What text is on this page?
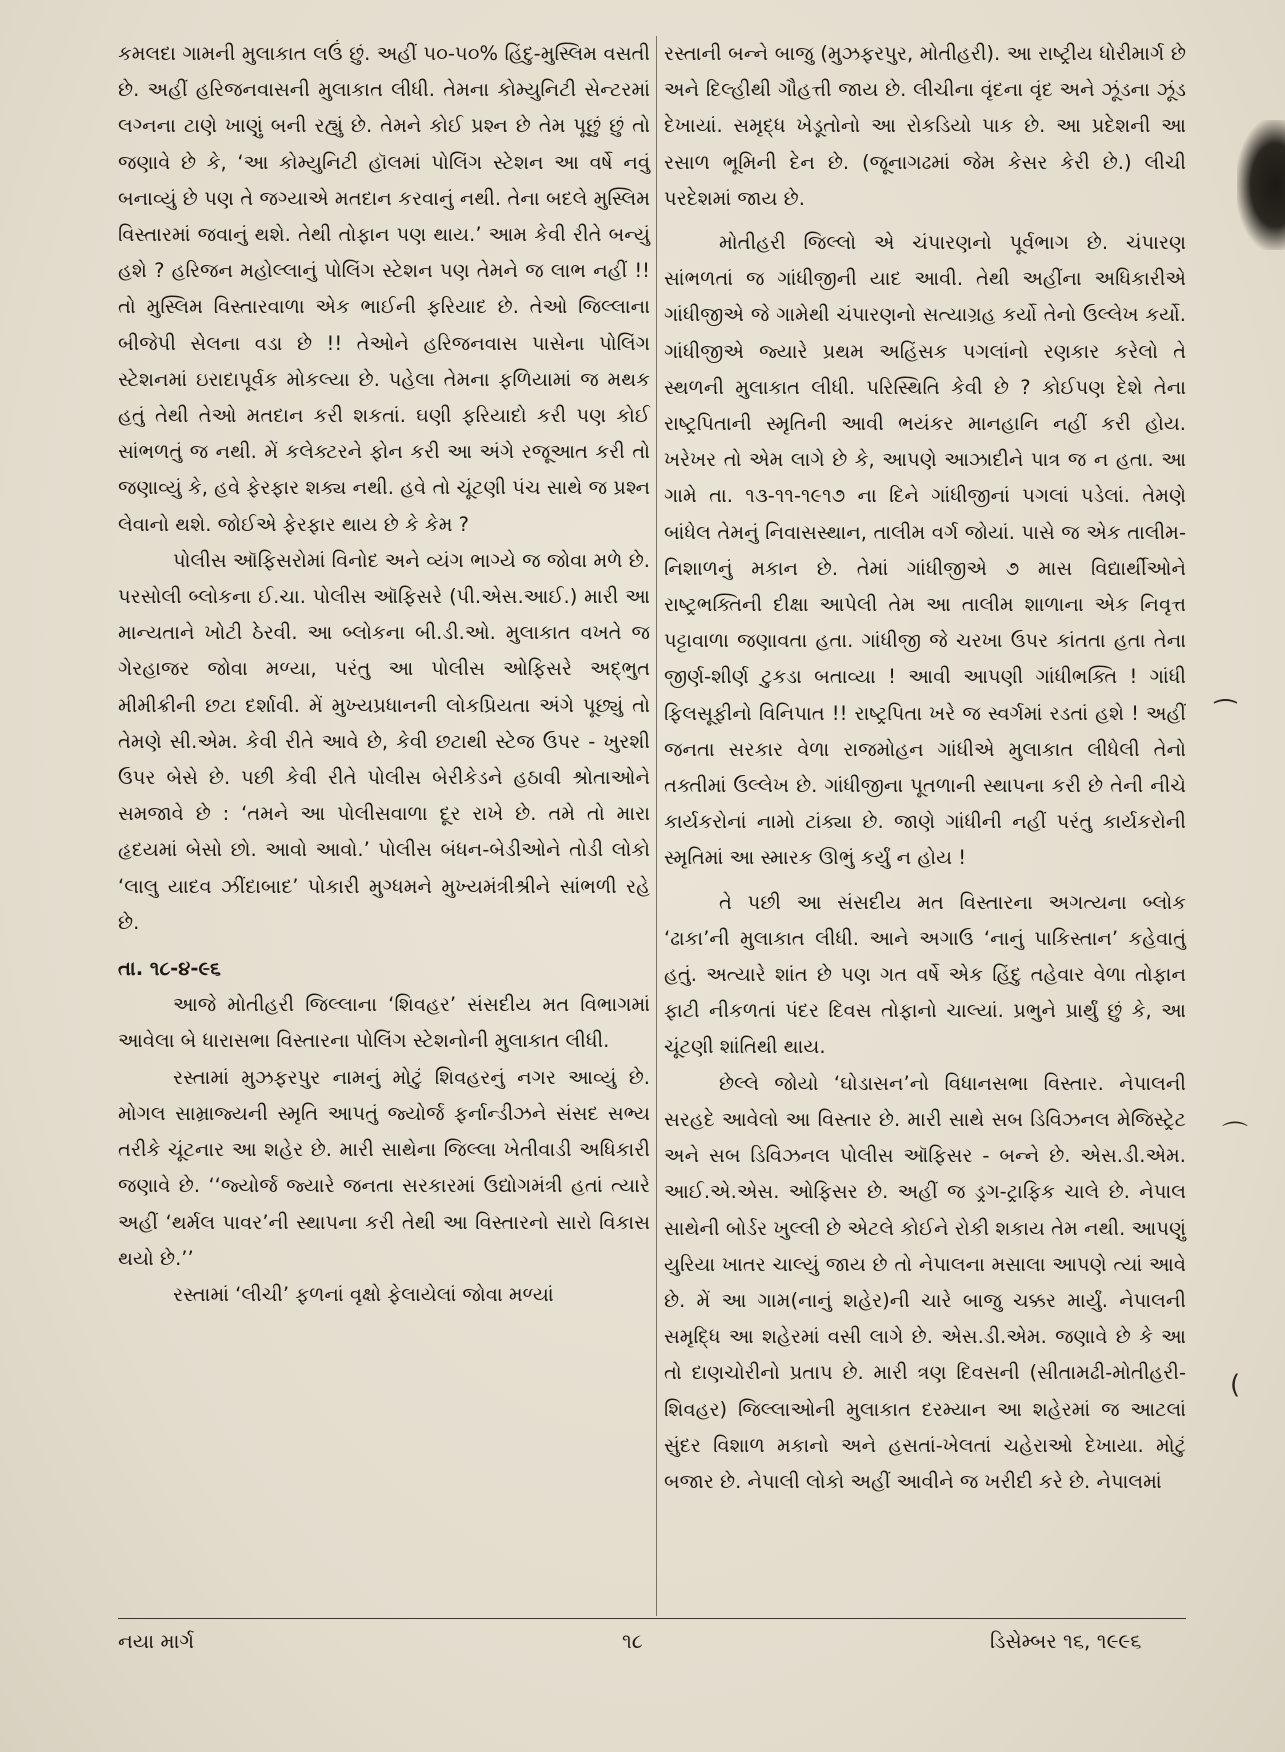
કમલદા ગામની મુલાકાત લઉં છું. અહીં ૫૦-૫૦% હિંદુ-મુસ્લિમ વસતી છે. અહીં હરિજનવાસની મુલાકાત લીધી. તેમના કોમ્યુનિટી સેન્ટરમાં લગ્નના ટાણે ખાણું બની રહ્યું છે. તેમને કોઈ પ્રશ્ન છે તેમ પૂછું છું તો જણાવે છે કે, ‘આ કોમ્યુનિટી હૉલમાં પોલિંગ સ્ટેશન આ વર્ષે નવું બનાવ્યું છે પણ તે જગ્યાએ મતદાન કરવાનું નથી. તેના બદલે મુસ્લિમ વિસ્તારમાં જવાનું થશે. તેથી તોફાન પણ થાય.’ આમ કેવી રીતે બન્યું હશે ? હરિજન મહોલ્લાનું પોલિંગ સ્ટેશન પણ તેમને જ લાભ નહીં !! તો મુસ્લિમ વિસ્તારવાળા એક ભાઈની ફરિયાદ છે. તેઓ જિલ્લાના બીજેપી સેલના વડા છે !! તેઓને હરિજનવાસ પાસેના પોલિંગ સ્ટેશનમાં ઇરાદાપૂર્વક મોકલ્યા છે. પહેલા તેમના ફળિયામાં જ મથક હતું તેથી તેઓ મતદાન કરી શકતાં. ઘણી ફરિયાદો કરી પણ કોઈ સાંભળતું જ નથી. મેં કલેક્ટરને ફોન કરી આ અંગે રજૂઆત કરી તો જણાવ્યું કે, હવે ફેરફાર શક્ય નથી. હવે તો ચૂંટણી પંચ સાથે જ પ્રશ્ન લેવાનો થશે. જોઈએ ફેરફાર થાય છે કે કેમ ?

પોલીસ ઑફિસરોમાં વિનોદ અને વ્યંગ ભાગ્યે જ જોવા મળે છે. પરસોલી બ્લોકના ઈ.ચા. પોલીસ ઑફિસરે (પી.એસ.આઈ.) મારી આ માન્યતાને ખોટી ઠેરવી. આ બ્લોકના બી.ડી.ઓ. મુલાકાત વખતે જ ગેરહાજર જોવા મળ્યા, પરંતુ આ પોલીસ ઓફિસરે અદ્‌ભુત મીમીક્રીની છટા દર્શાવી. મેં મુખ્યપ્રધાનની લોકપ્રિયતા અંગે પૂછ્યું તો તેમણે સી.એમ. કેવી રીતે આવે છે, કેવી છટાથી સ્ટેજ ઉપર - ખુરશી ઉપર બેસે છે. પછી કેવી રીતે પોલીસ બેરીકેડને હઠાવી શ્રોતાઓને સમજાવે છે : ‘તમને આ પોલીસવાળા દૂર રાખે છે. તમે તો મારા હૃદયમાં બેસો છો. આવો આવો.’ પોલીસ બંધન-બેડીઓને તોડી લોકો ‘લાલુ યાદવ ઝીંદાબાદ’ પોકારી મુગ્ધમને મુખ્યમંત્રીશ્રીને સાંભળી રહે છે.

તા. ૧૮-૪-૯૬

આજે મોતીહરી જિલ્લાના ‘શિવહર’ સંસદીય મત વિભાગમાં આવેલા બે ધારાસભા વિસ્તારના પોલિંગ સ્ટેશનોની મુલાકાત લીધી.

રસ્તામાં મુઝફરપુર નામનું મોટું શિવહરનું નગર આવ્યું છે. મોગલ સામ્રાજ્યની સ્મૃતિ આપતું જ્યોર્જ ફર્નાન્ડીઝને સંસદ સભ્ય તરીકે ચૂંટનાર આ શહેર છે. મારી સાથેના જિલ્લા ખેતીવાડી અધિકારી જણાવે છે. ‘‘જ્યોર્જ જ્યારે જનતા સરકારમાં ઉદ્યોગમંત્રી હતાં ત્યારે અહીં ‘થર્મલ પાવર’ની સ્થાપના કરી તેથી આ વિસ્તારનો સારો વિકાસ થયો છે.’’

રસ્તામાં ‘લીચી’ ફળનાં વૃક્ષો ફેલાયેલાં જોવા મળ્યાં

રસ્તાની બન્ને બાજુ (મુઝફરપુર, મોતીહરી). આ રાષ્ટ્રીય ધોરીમાર્ગ છે અને દિલ્હીથી ગૌહત્તી જાય છે. લીચીના વૃંદના વૃંદ અને ઝૂંડના ઝૂંડ દેખાયાં. સમૃદ્ધ ખેડૂતોનો આ રોકડિયો પાક છે. આ પ્રદેશની આ રસાળ ભૂમિની દેન છે. (જૂનાગઢમાં જેમ કેસર કેરી છે.) લીચી પરદેશમાં જાય છે.

મોતીહરી જિલ્લો એ ચંપારણનો પૂર્વભાગ છે. ચંપારણ સાંભળતાં જ ગાંધીજીની યાદ આવી. તેથી અહીંના અધિકારીએ ગાંધીજીએ જે ગામેથી ચંપારણનો સત્યાગ્રહ કર્યો તેનો ઉલ્લેખ કર્યો. ગાંધીજીએ જ્યારે પ્રથમ અહિંસક પગલાંનો રણકાર કરેલો તે સ્થળની મુલાકાત લીધી. પરિસ્થિતિ કેવી છે ? કોઈપણ દેશે તેના રાષ્ટ્રપિતાની સ્મૃતિની આવી ભયંકર માનહાનિ નહીં કરી હોય. ખરેખર તો એમ લાગે છે કે, આપણે આઝાદીને પાત્ર જ ન હતા. આ ગામે તા. ૧૩-૧૧-૧૯૧૭ ના દિને ગાંધીજીનાં પગલાં પડેલાં. તેમણે બાંધેલ તેમનું નિવાસસ્થાન, તાલીમ વર્ગ જોયાં. પાસે જ એક તાલીમ-નિશાળનું મકાન છે. તેમાં ગાંધીજીએ ૭ માસ વિદ્યાર્થીઓને રાષ્ટ્રભક્તિની દીક્ષા આપેલી તેમ આ તાલીમ શાળાના એક નિવૃત્ત પટ્ટાવાળા જણાવતા હતા. ગાંધીજી જે ચરખા ઉપર કાંતતા હતા તેના જીર્ણ-શીર્ણ ટુકડા બતાવ્યા ! આવી આપણી ગાંધીભક્તિ ! ગાંધી ફિલસૂફીનો વિનિપાત !! રાષ્ટ્રપિતા ખરે જ સ્વર્ગમાં રડતાં હશે ! અહીં જનતા સરકાર વેળા રાજમોહન ગાંધીએ મુલાકાત લીધેલી તેનો તક્તીમાં ઉલ્લેખ છે. ગાંધીજીના પૂતળાની સ્થાપના કરી છે તેની નીચે કાર્યકરોનાં નામો ટાંક્યા છે. જાણે ગાંધીની નહીં પરંતુ કાર્યકરોની સ્મૃતિમાં આ સ્મારક ઊભું કર્યું ન હોય !

તે પછી આ સંસદીય મત વિસ્તારના અગત્યના બ્લોક ‘ઢાકા’ની મુલાકાત લીધી. આને અગાઉ ‘નાનું પાકિસ્તાન’ કહેવાતું હતું. અત્યારે શાંત છે પણ ગત વર્ષે એક હિંદુ તહેવાર વેળા તોફાન ફાટી નીકળતાં પંદર દિવસ તોફાનો ચાલ્યાં. પ્રભુને પ્રાર્થું છું કે, આ ચૂંટણી શાંતિથી થાય.

છેલ્લે જોયો ‘ઘોડાસન’નો વિધાનસભા વિસ્તાર. નેપાલની સરહદે આવેલો આ વિસ્તાર છે. મારી સાથે સબ ડિવિઝનલ મેજિસ્ટ્રેટ અને સબ ડિવિઝનલ પોલીસ ઑફિસર - બન્ને છે. એસ.ડી.એમ. આઈ.એ.એસ. ઓફિસર છે. અહીં જ ડ્રગ-ટ્રાફિક ચાલે છે. નેપાલ સાથેની બોર્ડર ખુલ્લી છે એટલે કોઈને રોકી શકાય તેમ નથી. આપણું યુરિયા ખાતર ચાલ્યું જાય છે તો નેપાલના મસાલા આપણે ત્યાં આવે છે. મેં આ ગામ(નાનું શહેર)ની ચારે બાજુ ચક્કર માર્યું. નેપાલની સમૃદ્ધિ આ શહેરમાં વસી લાગે છે. એસ.ડી.એમ. જણાવે છે કે આ તો દાણચોરીનો પ્રતાપ છે. મારી ત્રણ દિવસની (સીતામઢી-મોતીહરી-શિવહર) જિલ્લાઓની મુલાકાત દરમ્યાન આ શહેરમાં જ આટલાં સુંદર વિશાળ મકાનો અને હસતાં-ખેલતાં ચહેરાઓ દેખાયા. મોટું બજાર છે. નેપાલી લોકો અહીં આવીને જ ખરીદી કરે છે. નેપાલમાં

નયા માર્ગ	૧૮	ડિસેમ્બર ૧૬, ૧૯૯૬
⁀
⌒
(
